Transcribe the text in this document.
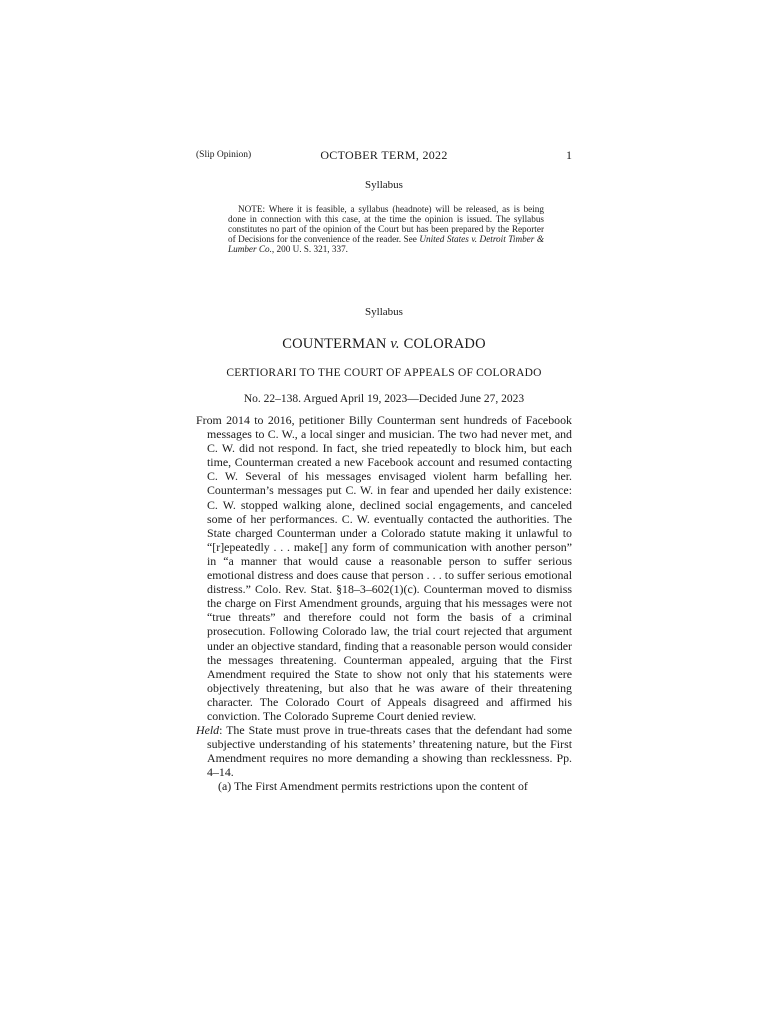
(Slip Opinion)	OCTOBER TERM, 2022	1
Syllabus
NOTE: Where it is feasible, a syllabus (headnote) will be released, as is being done in connection with this case, at the time the opinion is issued. The syllabus constitutes no part of the opinion of the Court but has been prepared by the Reporter of Decisions for the convenience of the reader. See United States v. Detroit Timber & Lumber Co., 200 U. S. 321, 337.
Syllabus
COUNTERMAN v. COLORADO
CERTIORARI TO THE COURT OF APPEALS OF COLORADO
No. 22–138. Argued April 19, 2023—Decided June 27, 2023

From 2014 to 2016, petitioner Billy Counterman sent hundreds of Facebook messages to C. W., a local singer and musician. The two had never met, and C. W. did not respond. In fact, she tried repeatedly to block him, but each time, Counterman created a new Facebook account and resumed contacting C. W. Several of his messages envisaged violent harm befalling her. Counterman’s messages put C. W. in fear and upended her daily existence: C. W. stopped walking alone, declined social engagements, and canceled some of her performances. C. W. eventually contacted the authorities. The State charged Counterman under a Colorado statute making it unlawful to “[r]epeatedly . . . make[] any form of communication with another person” in “a manner that would cause a reasonable person to suffer serious emotional distress and does cause that person . . . to suffer serious emotional distress.” Colo. Rev. Stat. §18–3–602(1)(c). Counterman moved to dismiss the charge on First Amendment grounds, arguing that his messages were not “true threats” and therefore could not form the basis of a criminal prosecution. Following Colorado law, the trial court rejected that argument under an objective standard, finding that a reasonable person would consider the messages threatening. Counterman appealed, arguing that the First Amendment required the State to show not only that his statements were objectively threatening, but also that he was aware of their threatening character. The Colorado Court of Appeals disagreed and affirmed his conviction. The Colorado Supreme Court denied review.

Held: The State must prove in true-threats cases that the defendant had some subjective understanding of his statements’ threatening nature, but the First Amendment requires no more demanding a showing than recklessness. Pp. 4–14.

(a) The First Amendment permits restrictions upon the content of
